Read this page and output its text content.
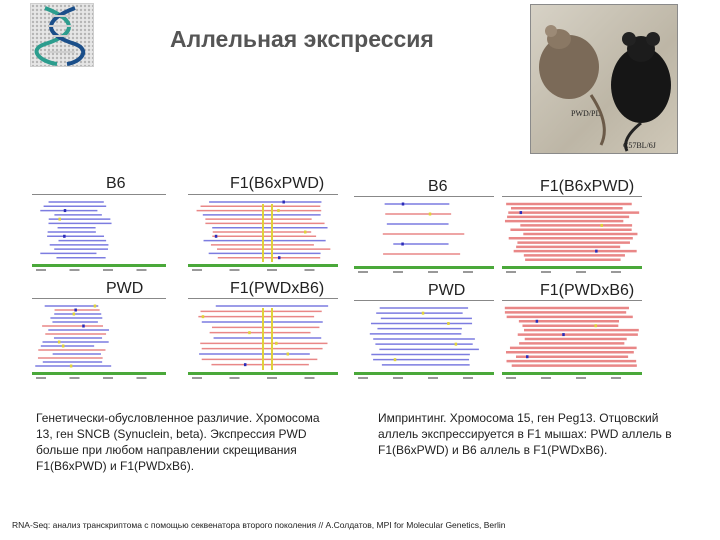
Аллельная экспрессия
PWD/PL
C57BL/6J
B6	F1(B6xPWD)	B6	F1(B6xPWD)
PWD	F1(PWDxB6)	PWD	F1(PWDxB6)
Генетически-обусловленное различие. Хромосома 13, ген SNCB (Synuclein, beta). Экспрессия PWD больше при любом направлении скрещивания F1(B6xPWD) и F1(PWDxB6).
Импринтинг. Хромосома 15, ген Peg13. Отцовский аллель экспрессируется в F1 мышах: PWD аллель в F1(B6xPWD) и B6 аллель в F1(PWDxB6).
RNA-Seq: анализ транскриптома с помощью секвенатора второго поколения // A.Солдатов, MPI for Molecular Genetics, Berlin
